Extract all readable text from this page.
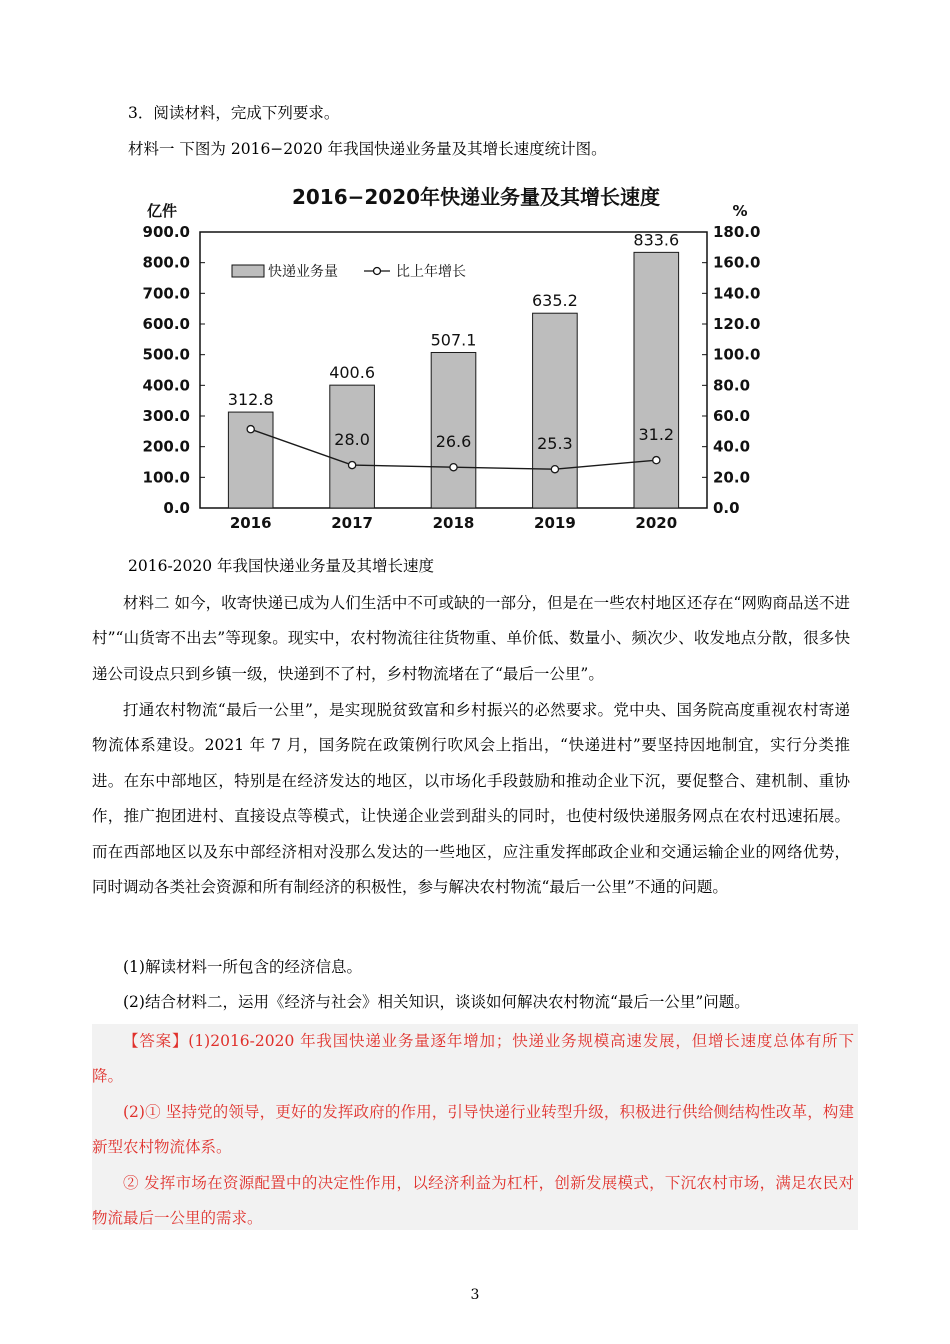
3．阅读材料，完成下列要求。
材料一 下图为 2016−2020 年我国快递业务量及其增长速度统计图。
2016−2020年快递业务量及其增长速度
亿件	%
0.0
100.0
200.0
300.0
400.0
500.0
600.0
700.0
800.0
900.0
0.0
20.0
40.0
60.0
80.0
100.0
120.0
140.0
160.0
180.0
312.8
400.6
507.1
635.2
833.6
28.0	26.6	25.3	31.2
2016	2017	2018	2019	2020
快递业务量	比上年增长
2016-2020 年我国快递业务量及其增长速度
材料二 如今，收寄快递已成为人们生活中不可或缺的一部分，但是在一些农村地区还存在“网购商品送不进村”“山货寄不出去”等现象。现实中，农村物流往往货物重、单价低、数量小、频次少、收发地点分散，很多快递公司设点只到乡镇一级，快递到不了村，乡村物流堵在了“最后一公里”。
打通农村物流“最后一公里”，是实现脱贫致富和乡村振兴的必然要求。党中央、国务院高度重视农村寄递物流体系建设。2021 年 7 月，国务院在政策例行吹风会上指出，“快递进村”要坚持因地制宜，实行分类推进。在东中部地区，特别是在经济发达的地区，以市场化手段鼓励和推动企业下沉，要促整合、建机制、重协作，推广抱团进村、直接设点等模式，让快递企业尝到甜头的同时，也使村级快递服务网点在农村迅速拓展。而在西部地区以及东中部经济相对没那么发达的一些地区，应注重发挥邮政企业和交通运输企业的网络优势，同时调动各类社会资源和所有制经济的积极性，参与解决农村物流“最后一公里”不通的问题。
(1)解读材料一所包含的经济信息。
(2)结合材料二，运用《经济与社会》相关知识，谈谈如何解决农村物流“最后一公里”问题。
【答案】(1)2016-2020 年我国快递业务量逐年增加；快递业务规模高速发展，但增长速度总体有所下降。
(2)① 坚持党的领导，更好的发挥政府的作用，引导快递行业转型升级，积极进行供给侧结构性改革，构建新型农村物流体系。
② 发挥市场在资源配置中的决定性作用，以经济利益为杠杆，创新发展模式，下沉农村市场，满足农民对物流最后一公里的需求。
3
